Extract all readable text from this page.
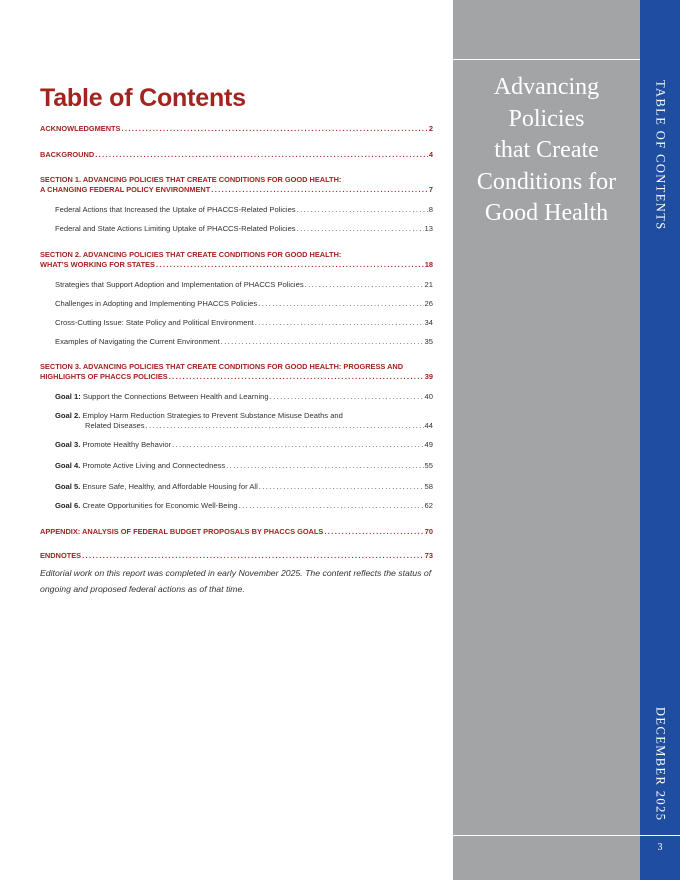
Table of Contents
ACKNOWLEDGMENTS .....	2
BACKGROUND .....	4
SECTION 1. ADVANCING POLICIES THAT CREATE CONDITIONS FOR GOOD HEALTH:
A CHANGING FEDERAL POLICY ENVIRONMENT .....	7
Federal Actions that Increased the Uptake of PHACCS-Related Policies .....	8
Federal and State Actions Limiting Uptake of PHACCS-Related Policies .....	13
SECTION 2. ADVANCING POLICIES THAT CREATE CONDITIONS FOR GOOD HEALTH:
WHAT’S WORKING FOR STATES .....	18
Strategies that Support Adoption and Implementation of PHACCS Policies .....	21
Challenges in Adopting and Implementing PHACCS Policies .....	26
Cross-Cutting Issue: State Policy and Political Environment .....	34
Examples of Navigating the Current Environment .....	35
SECTION 3. ADVANCING POLICIES THAT CREATE CONDITIONS FOR GOOD HEALTH: PROGRESS AND
HIGHLIGHTS OF PHACCS POLICIES .....	39
Goal 1: Support the Connections Between Health and Learning .....	40
Goal 2. Employ Harm Reduction Strategies to Prevent Substance Misuse Deaths and
Related Diseases .....	44
Goal 3. Promote Healthy Behavior .....	49
Goal 4. Promote Active Living and Connectedness .....	55
Goal 5. Ensure Safe, Healthy, and Affordable Housing for All .....	58
Goal 6. Create Opportunities for Economic Well-Being .....	62
APPENDIX: ANALYSIS OF FEDERAL BUDGET PROPOSALS BY PHACCS GOALS .....	70
ENDNOTES .....	73

Editorial work on this report was completed in early November 2025. The content reflects the status of ongoing and proposed federal actions as of that time.

Advancing
Policies
that Create
Conditions for
Good Health	TABLE OF CONTENTS
DECEMBER 2025
3
